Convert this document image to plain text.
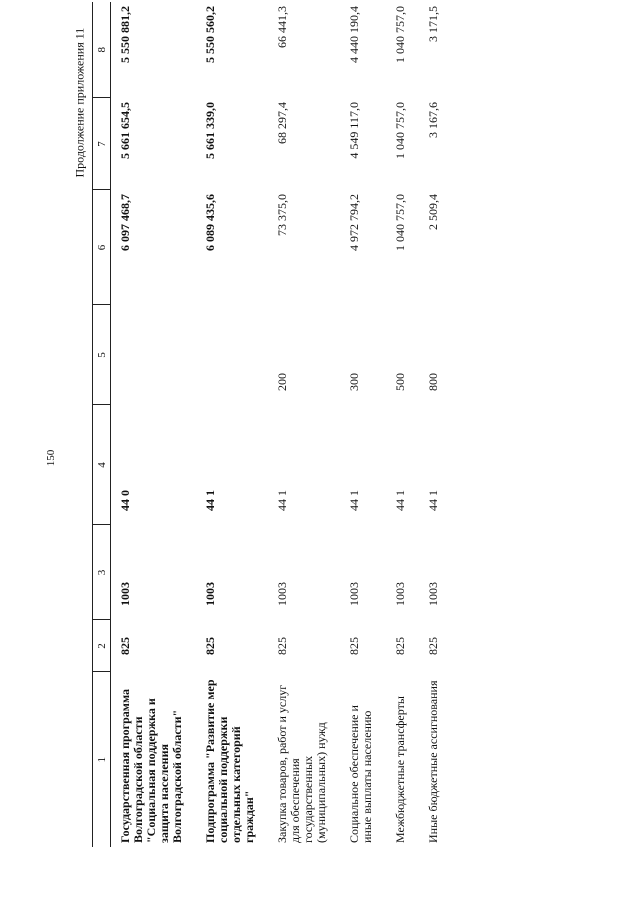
150
Продолжение приложения 11
1	2	3	4	5	6	7	8
Государственная программа Волгоградской области "Социальная поддержка и защита населения Волгоградской области"	825	1003	44 0		6 097 468,7	5 661 654,5	5 550 881,2
Подпрограмма "Развитие мер социальной поддержки отдельных категорий граждан"	825	1003	44 1		6 089 435,6	5 661 339,0	5 550 560,2
Закупка товаров, работ и услуг для обеспечения государственных (муниципальных) нужд	825	1003	44 1	200	73 375,0	68 297,4	66 441,3
Социальное обеспечение и иные выплаты населению	825	1003	44 1	300	4 972 794,2	4 549 117,0	4 440 190,4
Межбюджетные трансферты	825	1003	44 1	500	1 040 757,0	1 040 757,0	1 040 757,0
Иные бюджетные ассигнования	825	1003	44 1	800	2 509,4	3 167,6	3 171,5
